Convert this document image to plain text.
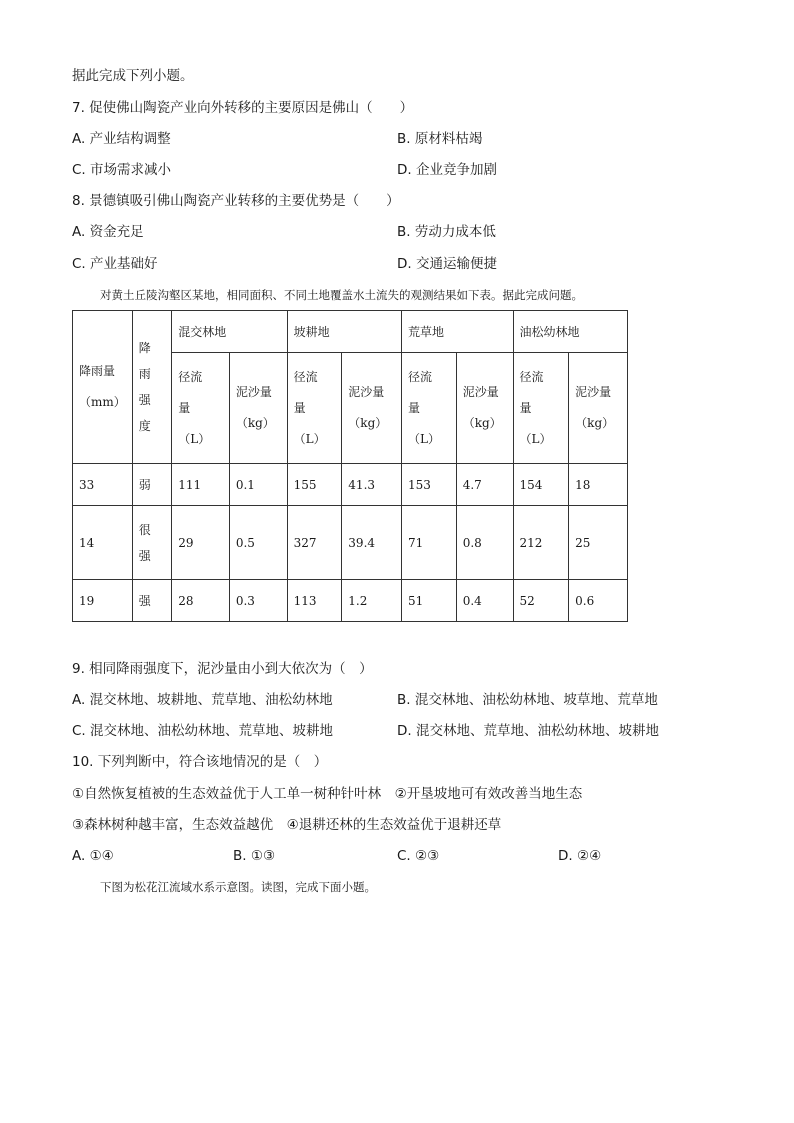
据此完成下列小题。
7. 促使佛山陶瓷产业向外转移的主要原因是佛山（　　）
A. 产业结构调整	B. 原材料枯竭
C. 市场需求减小	D. 企业竞争加剧
8. 景德镇吸引佛山陶瓷产业转移的主要优势是（　　）
A. 资金充足	B. 劳动力成本低
C. 产业基础好	D. 交通运输便捷
对黄土丘陵沟壑区某地，相同面积、不同土地覆盖水土流失的观测结果如下表。据此完成问题。
降雨量
（mm）	降
雨
强
度	混交林地		坡耕地		荒草地		油松幼林地	

		径流
量
（L）	泥沙量
（kg）	径流
量
（L）	泥沙量
（kg）	径流
量
（L）	泥沙量
（kg）	径流
量
（L）	泥沙量
（kg）

33	弱	111	0.1	155	41.3	153	4.7	154	18
14	很
强	29	0.5	327	39.4	71	0.8	212	25
19	强	28	0.3	113	1.2	51	0.4	52	0.6
9. 相同降雨强度下，泥沙量由小到大依次为（　）
A. 混交林地、坡耕地、荒草地、油松幼林地	B. 混交林地、油松幼林地、坡草地、荒草地
C. 混交林地、油松幼林地、荒草地、坡耕地	D. 混交林地、荒草地、油松幼林地、坡耕地
10. 下列判断中，符合该地情况的是（　）
①自然恢复植被的生态效益优于人工单一树种针叶林　②开垦坡地可有效改善当地生态
③森林树种越丰富，生态效益越优　④退耕还林的生态效益优于退耕还草
A. ①④	B. ①③	C. ②③	D. ②④
下图为松花江流域水系示意图。读图，完成下面小题。
